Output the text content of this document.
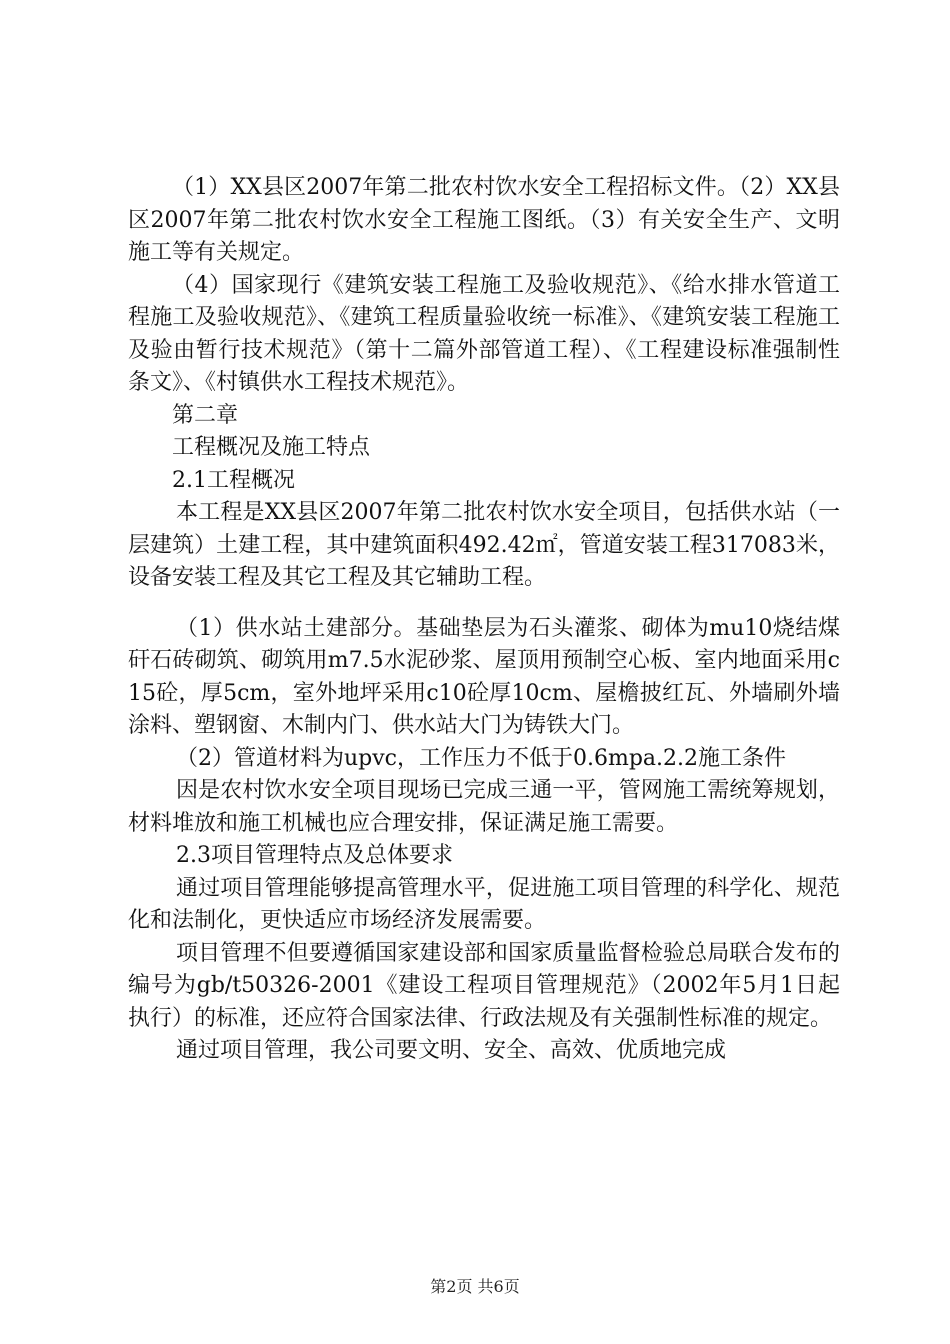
（1）XX县区2007年第二批农村饮水安全工程招标文件。（2）XX县区2007年第二批农村饮水安全工程施工图纸。（3）有关安全生产、文明施工等有关规定。

（4）国家现行《建筑安装工程施工及验收规范》、《给水排水管道工程施工及验收规范》、《建筑工程质量验收统一标准》、《建筑安装工程施工及验由暂行技术规范》（第十二篇外部管道工程）、《工程建设标准强制性条文》、《村镇供水工程技术规范》。

第二章

工程概况及施工特点

2.1工程概况

本工程是XX县区2007年第二批农村饮水安全项目，包括供水站（一层建筑）土建工程，其中建筑面积492.42㎡，管道安装工程317083米，设备安装工程及其它工程及其它辅助工程。

（1）供水站土建部分。基础垫层为石头灌浆、砌体为mu10烧结煤矸石砖砌筑、砌筑用m7.5水泥砂浆、屋顶用预制空心板、室内地面采用c15砼，厚5cm，室外地坪采用c10砼厚10cm、屋檐披红瓦、外墙刷外墙涂料、塑钢窗、木制内门、供水站大门为铸铁大门。

（2）管道材料为upvc，工作压力不低于0.6mpa.2.2施工条件

因是农村饮水安全项目现场已完成三通一平，管网施工需统筹规划，材料堆放和施工机械也应合理安排，保证满足施工需要。

2.3项目管理特点及总体要求

通过项目管理能够提高管理水平，促进施工项目管理的科学化、规范化和法制化，更快适应市场经济发展需要。

项目管理不但要遵循国家建设部和国家质量监督检验总局联合发布的编号为gb/t50326-2001《建设工程项目管理规范》（2002年5月1日起执行）的标准，还应符合国家法律、行政法规及有关强制性标准的规定。

通过项目管理，我公司要文明、安全、高效、优质地完成

第2页 共6页
